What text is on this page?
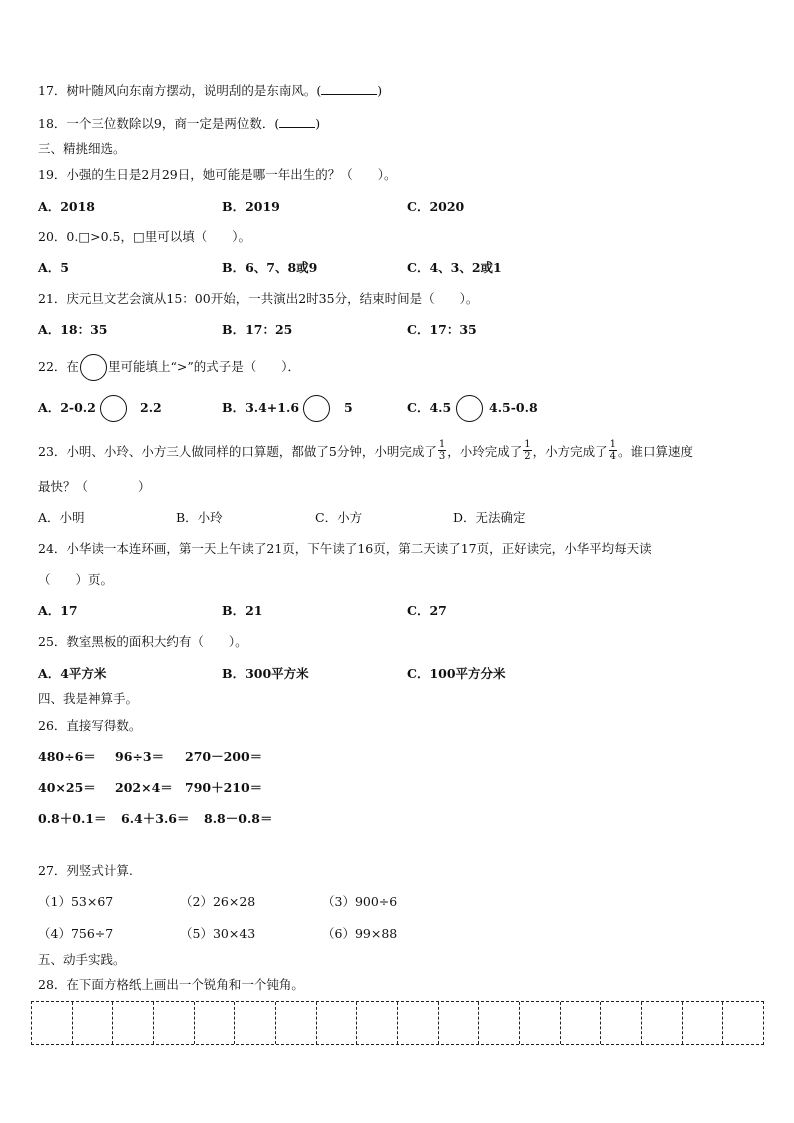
17．树叶随风向东南方摆动，说明刮的是东南风。(	)
18．一个三位数除以9，商一定是两位数．(	)
三、精挑细选。
19．小强的生日是2月29日，她可能是哪一年出生的？（　　）。
A．2018	B．2019	C．2020
20．0.□>0.5，□里可以填（　　）。
A．5	B．6、7、8或9	C．4、3、2或1
21．庆元旦文艺会演从15：00开始，一共演出2时35分，结束时间是（　　）。
A．18：35	B．17：25	C．17：35
22．在 里可能填上“>”的式子是（　　）．
A．2-0.2	2.2	B．3.4+1.6	5	C．4.5	4.5-0.8
23．小明、小玲、小方三人做同样的口算题，都做了5分钟，小明完成了 $\frac{1}{3}$ ，小玲完成了 $\frac{1}{2}$ ，小方完成了 $\frac{1}{4}$ 。谁口算速度
最快？（　　　　）
A．小明	B．小玲	C．小方	D．无法确定
24．小华读一本连环画，第一天上午读了21页，下午读了16页，第二天读了17页，正好读完，小华平均每天读
（　　）页。
A．17	B．21	C．27
25．教室黑板的面积大约有（　　）。
A．4平方米	B．300平方米	C．100平方分米
四、我是神算手。
26．直接写得数。
480÷6＝ 96÷3＝ 270－200＝
40×25＝ 202×4＝ 790＋210＝
0.8＋0.1＝ 6.4＋3.6＝ 8.8－0.8＝
27．列竖式计算.
（1）53×67	（2）26×28	（3）900÷6
（4）756÷7	（5）30×43	（6）99×88
五、动手实践。
28．在下面方格纸上画出一个锐角和一个钝角。
